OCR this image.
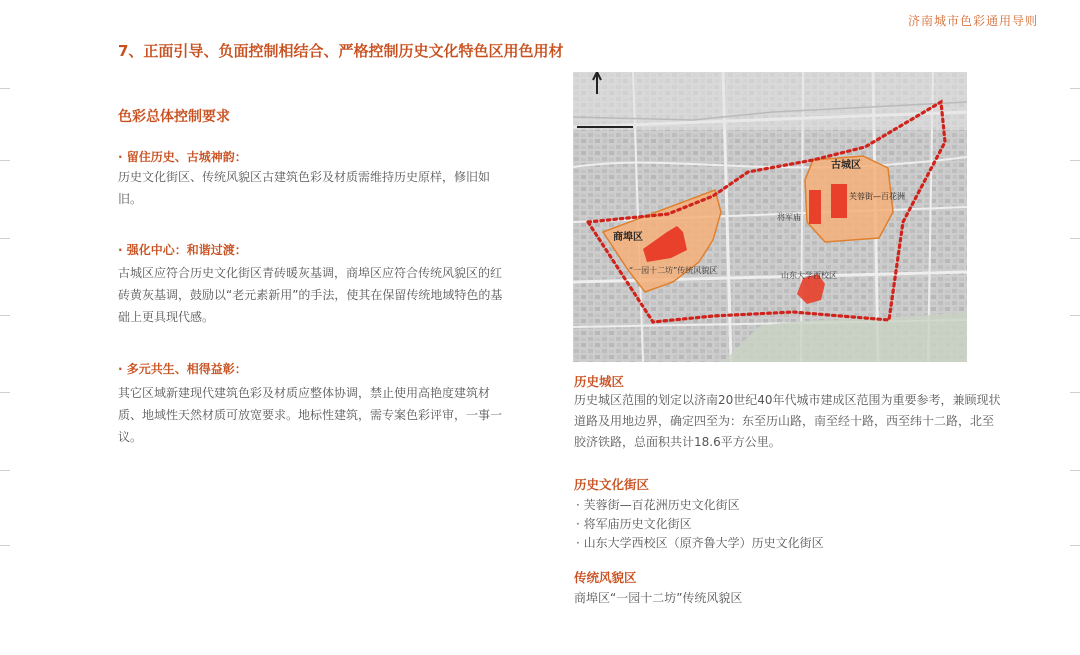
济南城市色彩通用导则
7、正面引导、负面控制相结合、严格控制历史文化特色区用色用材
色彩总体控制要求
· 留住历史、古城神韵：
历史文化街区、传统风貌区古建筑色彩及材质需维持历史原样，修旧如旧。
· 强化中心：和谐过渡：
古城区应符合历史文化街区青砖暖灰基调，商埠区应符合传统风貌区的红砖黄灰基调，鼓励以“老元素新用”的手法，使其在保留传统地域特色的基础上更具现代感。
· 多元共生、相得益彰：
其它区域新建现代建筑色彩及材质应整体协调，禁止使用高艳度建筑材质、地域性天然材质可放宽要求。地标性建筑，需专案色彩评审，一事一议。
古城区
芙蓉街—百花洲
将军庙
商埠区
“一园十二坊”传统风貌区
山东大学西校区
历史城区
历史城区范围的划定以济南20世纪40年代城市建成区范围为重要参考，兼顾现状道路及用地边界，确定四至为：东至历山路，南至经十路，西至纬十二路，北至胶济铁路，总面积共计18.6平方公里。
历史文化街区
· 芙蓉街—百花洲历史文化街区
· 将军庙历史文化街区
· 山东大学西校区（原齐鲁大学）历史文化街区
传统风貌区
商埠区“一园十二坊”传统风貌区
